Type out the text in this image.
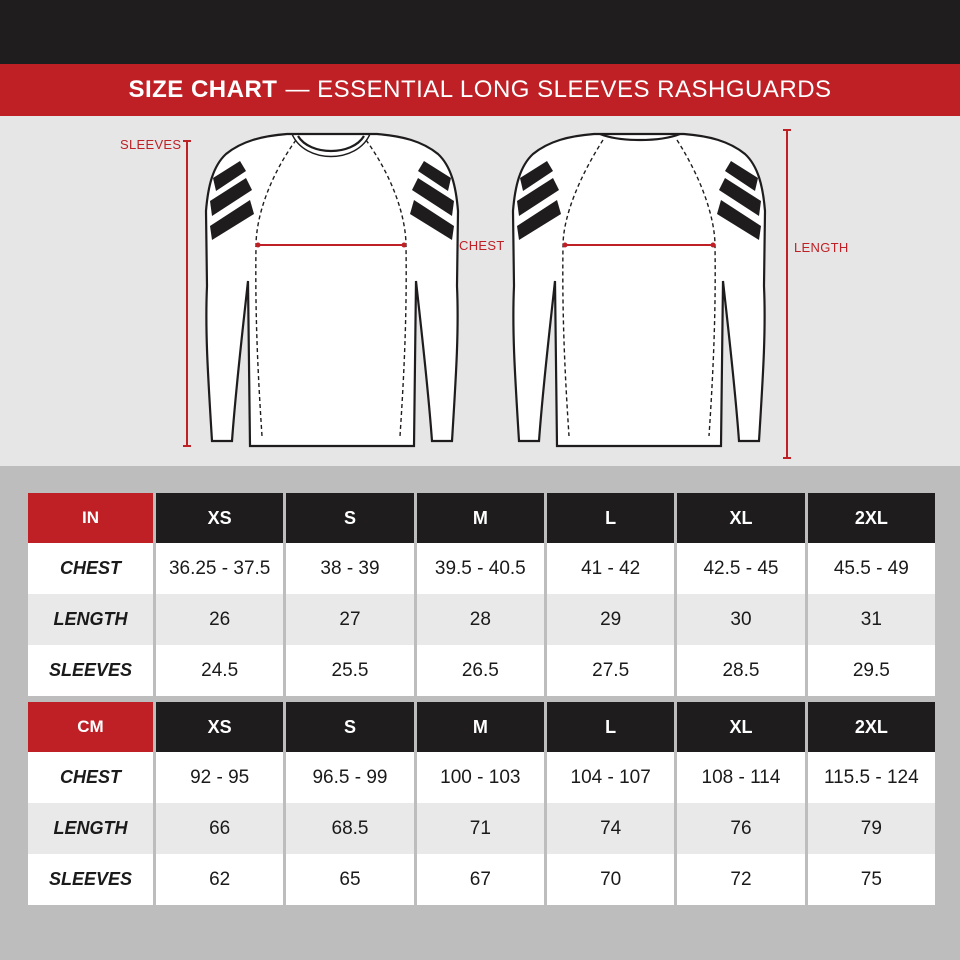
SIZE CHART — ESSENTIAL LONG SLEEVES RASHGUARDS
SLEEVES
CHEST	LENGTH
IN	XS	S	M	L	XL	2XL
CHEST	36.25 - 37.5	38 - 39	39.5 - 40.5	41 - 42	42.5 - 45	45.5 - 49
LENGTH	26	27	28	29	30	31
SLEEVES	24.5	25.5	26.5	27.5	28.5	29.5
CM	XS	S	M	L	XL	2XL
CHEST	92 - 95	96.5 - 99	100 - 103	104 - 107	108 - 114	115.5 - 124
LENGTH	66	68.5	71	74	76	79
SLEEVES	62	65	67	70	72	75
